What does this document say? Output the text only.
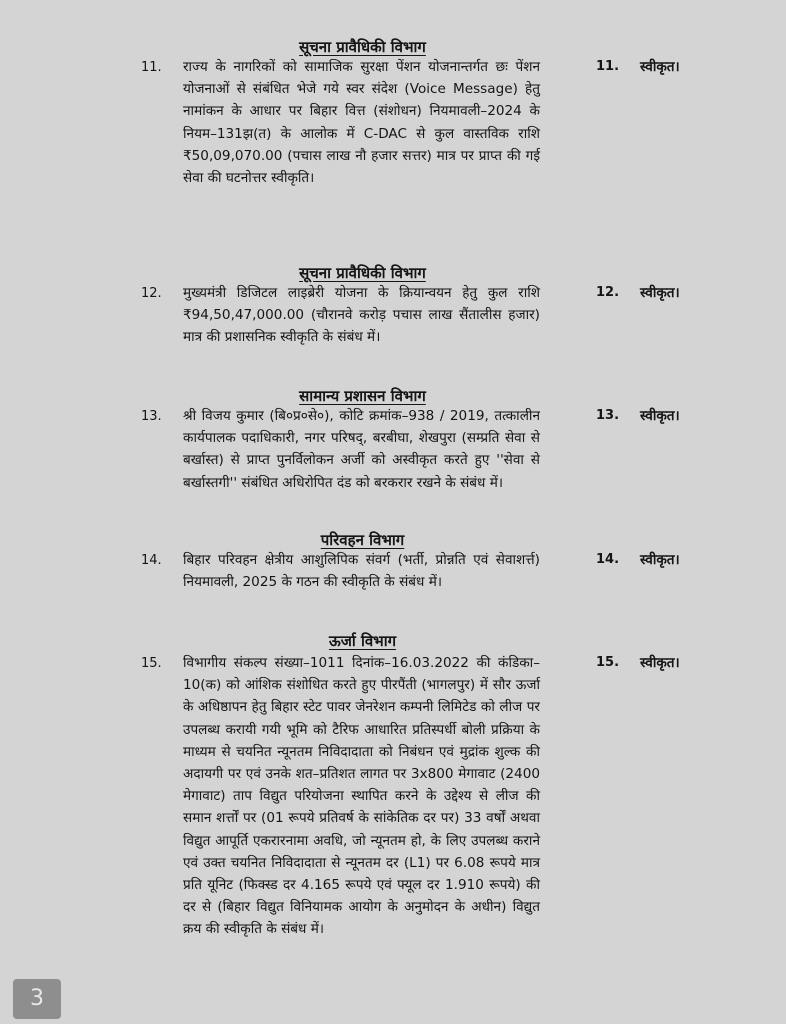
सूचना प्रावैधिकी विभाग
11.	राज्य के नागरिकों को सामाजिक सुरक्षा पेंशन योजनान्तर्गत छः पेंशन योजनाओं से संबंधित भेजे गये स्वर संदेश (Voice Message) हेतु नामांकन के आधार पर बिहार वित्त (संशोधन) नियमावली–2024 के नियम–131झ(त) के आलोक में C-DAC से कुल वास्तविक राशि ₹50,09,070.00 (पचास लाख नौ हजार सत्तर) मात्र पर प्राप्त की गई सेवा की घटनोत्तर स्वीकृति।

11.	स्वीकृत।
सूचना प्रावैधिकी विभाग
12.	मुख्यमंत्री डिजिटल लाइब्रेरी योजना के क्रियान्वयन हेतु कुल राशि ₹94,50,47,000.00 (चौरानवे करोड़ पचास लाख सैंतालीस हजार) मात्र की प्रशासनिक स्वीकृति के संबंध में।

12.	स्वीकृत।
सामान्य प्रशासन विभाग
13.	श्री विजय कुमार (बि०प्र०से०), कोटि क्रमांक–938 / 2019, तत्कालीन कार्यपालक पदाधिकारी, नगर परिषद्, बरबीघा, शेखपुरा (सम्प्रति सेवा से बर्खास्त) से प्राप्त पुनर्विलोकन अर्जी को अस्वीकृत करते हुए ''सेवा से बर्खास्तगी'' संबंधित अधिरोपित दंड को बरकरार रखने के संबंध में।

13.	स्वीकृत।
परिवहन विभाग
14.	बिहार परिवहन क्षेत्रीय आशुलिपिक संवर्ग (भर्ती, प्रोन्नति एवं सेवाशर्त्त) नियमावली, 2025 के गठन की स्वीकृति के संबंध में।

14.	स्वीकृत।
ऊर्जा विभाग
15.	विभागीय संकल्प संख्या–1011 दिनांक–16.03.2022 की कंडिका–10(क) को आंशिक संशोधित करते हुए पीरपैंती (भागलपुर) में सौर ऊर्जा के अधिष्ठापन हेतु बिहार स्टेट पावर जेनरेशन कम्पनी लिमिटेड को लीज पर उपलब्ध करायी गयी भूमि को टैरिफ आधारित प्रतिस्पर्धी बोली प्रक्रिया के माध्यम से चयनित न्यूनतम निविदादाता को निबंधन एवं मुद्रांक शुल्क की अदायगी पर एवं उनके शत–प्रतिशत लागत पर 3x800 मेगावाट (2400 मेगावाट) ताप विद्युत परियोजना स्थापित करने के उद्देश्य से लीज की समान शर्त्तों पर (01 रूपये प्रतिवर्ष के सांकेतिक दर पर) 33 वर्षों अथवा विद्युत आपूर्ति एकरारनामा अवधि, जो न्यूनतम हो, के लिए उपलब्ध कराने एवं उक्त चयनित निविदादाता से न्यूनतम दर (L1) पर 6.08 रूपये मात्र प्रति यूनिट (फिक्स्ड दर 4.165 रूपये एवं फ्यूल दर 1.910 रूपये) की दर से (बिहार विद्युत विनियामक आयोग के अनुमोदन के अधीन) विद्युत क्रय की स्वीकृति के संबंध में।

15.	स्वीकृत।
3
